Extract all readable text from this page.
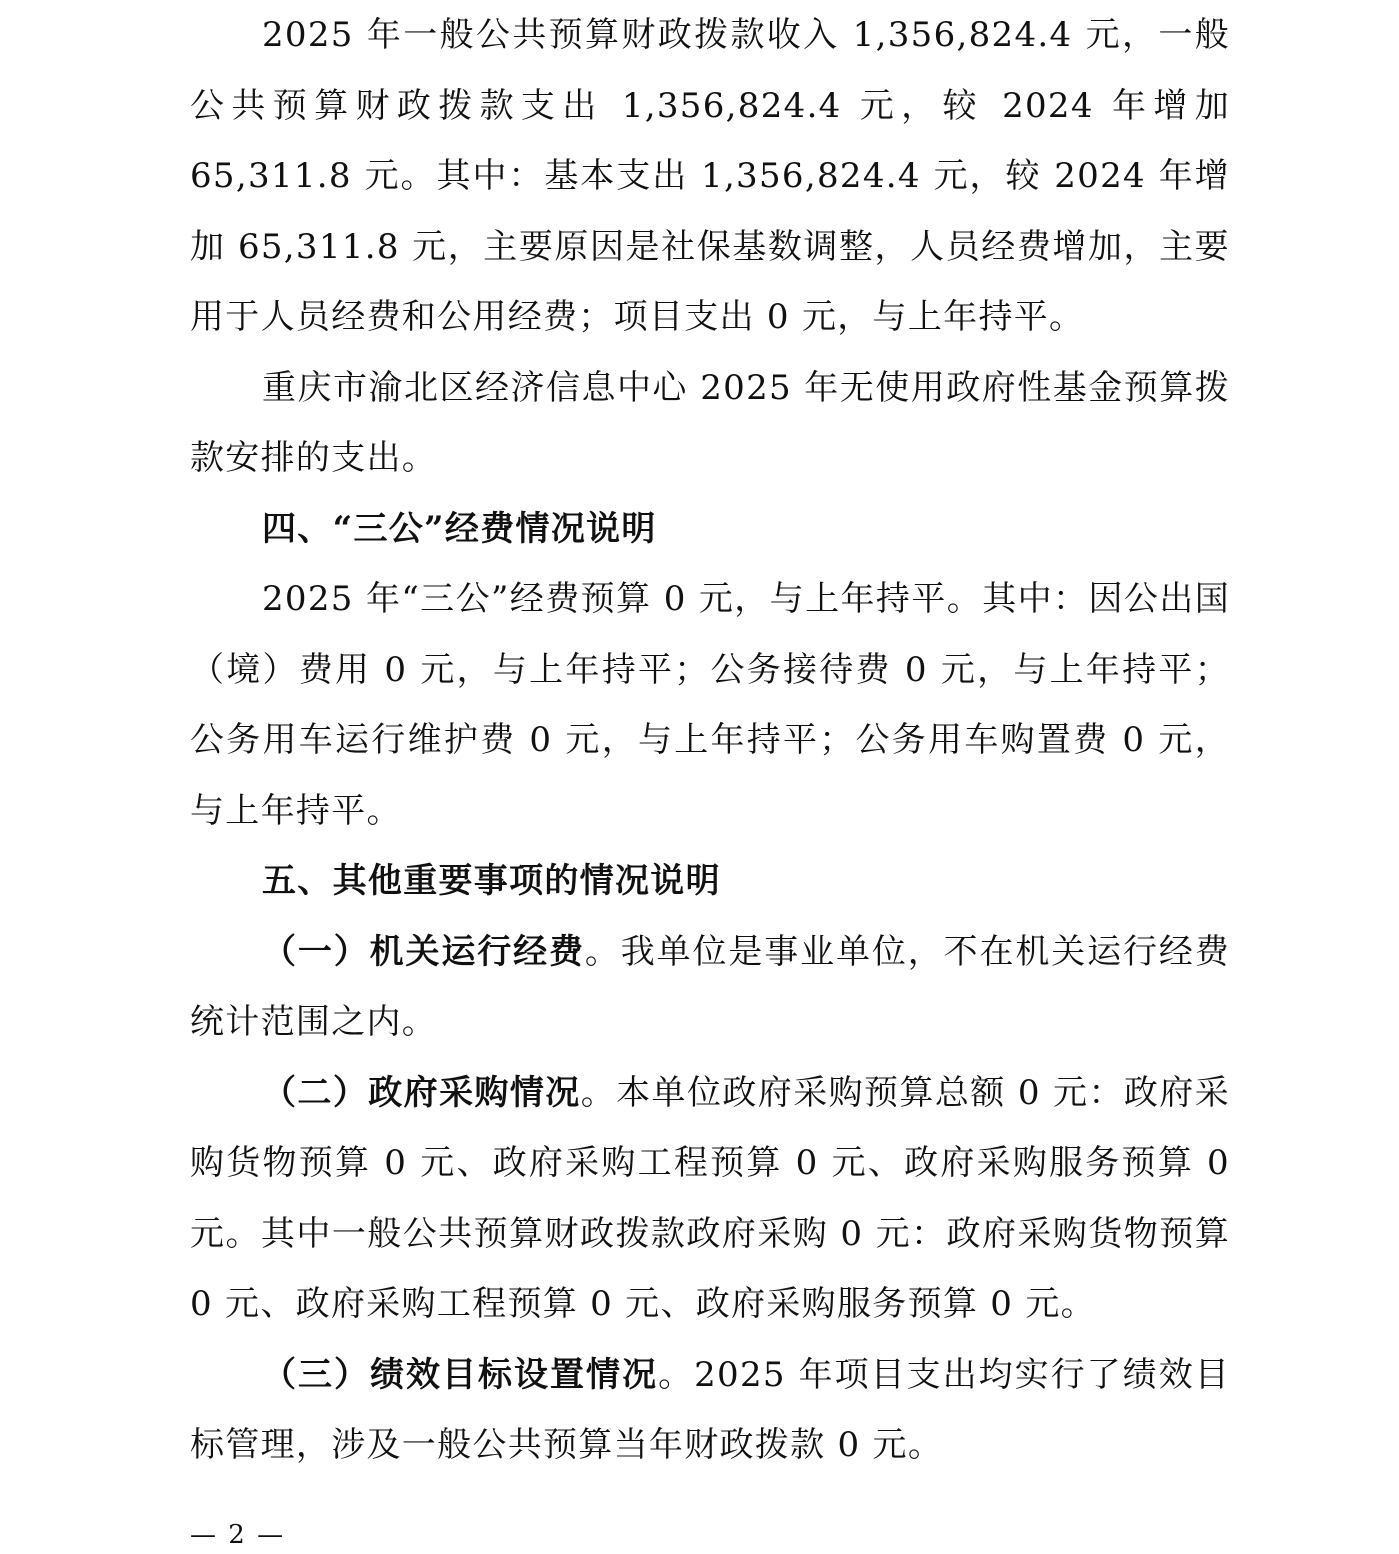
2025 年一般公共预算财政拨款收入 1,356,824.4 元，一般公共预算财政拨款支出 1,356,824.4 元，较 2024 年增加 65,311.8 元。其中：基本支出 1,356,824.4 元，较 2024 年增加 65,311.8 元，主要原因是社保基数调整，人员经费增加，主要用于人员经费和公用经费；项目支出 0 元，与上年持平。

重庆市渝北区经济信息中心 2025 年无使用政府性基金预算拨款安排的支出。

四、“三公”经费情况说明

2025 年“三公”经费预算 0 元，与上年持平。其中：因公出国（境）费用 0 元，与上年持平；公务接待费 0 元，与上年持平；公务用车运行维护费 0 元，与上年持平；公务用车购置费 0 元，与上年持平。

五、其他重要事项的情况说明

（一）机关运行经费。我单位是事业单位，不在机关运行经费统计范围之内。

（二）政府采购情况。本单位政府采购预算总额 0 元：政府采购货物预算 0 元、政府采购工程预算 0 元、政府采购服务预算 0 元。其中一般公共预算财政拨款政府采购 0 元：政府采购货物预算 0 元、政府采购工程预算 0 元、政府采购服务预算 0 元。

（三）绩效目标设置情况。2025 年项目支出均实行了绩效目标管理，涉及一般公共预算当年财政拨款 0 元。

— 2 —
